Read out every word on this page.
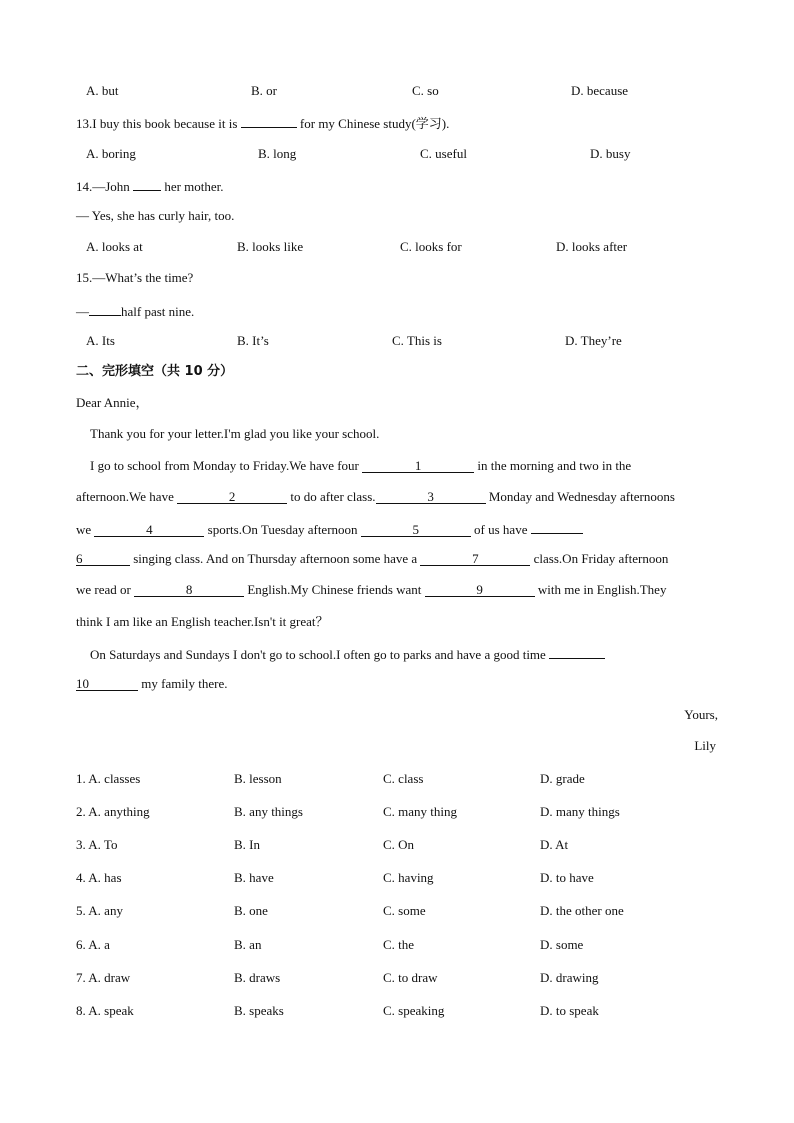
A. but	B. or	C. so	D. because
13.I buy this book because it is	for my Chinese study(学习).
A. boring	B. long	C. useful	D. busy
14.—John	her mother.
— Yes, she has curly hair, too.
A. looks at	B. looks like	C. looks for	D. looks after
15.—What’s the time?
— half past nine.
A. Its	B. It’s	C. This is	D. They’re
二、完形填空（共 10 分）
Dear Annie，
Thank you for your letter.I'm glad you like your school.
I go to school from Monday to Friday.We have four	1	in the morning and two in the
afternoon.We have	2	to do after class.	3	Monday and Wednesday afternoons
we	4	sports.On Tuesday afternoon	5	of us have
6	singing class. And on Thursday afternoon some have a	7	class.On Friday afternoon
we read or	8	English.My Chinese friends want	9	with me in English.They
think I am like an English teacher.Isn't it great？
On Saturdays and Sundays I don't go to school.I often go to parks and have a good time
10	my family there.
Yours,
Lily
1. A. classes	B. lesson	C. class	D. grade
2. A. anything	B. any things	C. many thing	D. many things
3. A. To	B. In	C. On	D. At
4. A. has	B. have	C. having	D. to have
5. A. any	B. one	C. some	D. the other one
6. A. a	B. an	C. the	D. some
7. A. draw	B. draws	C. to draw	D. drawing
8. A. speak	B. speaks	C. speaking	D. to speak
